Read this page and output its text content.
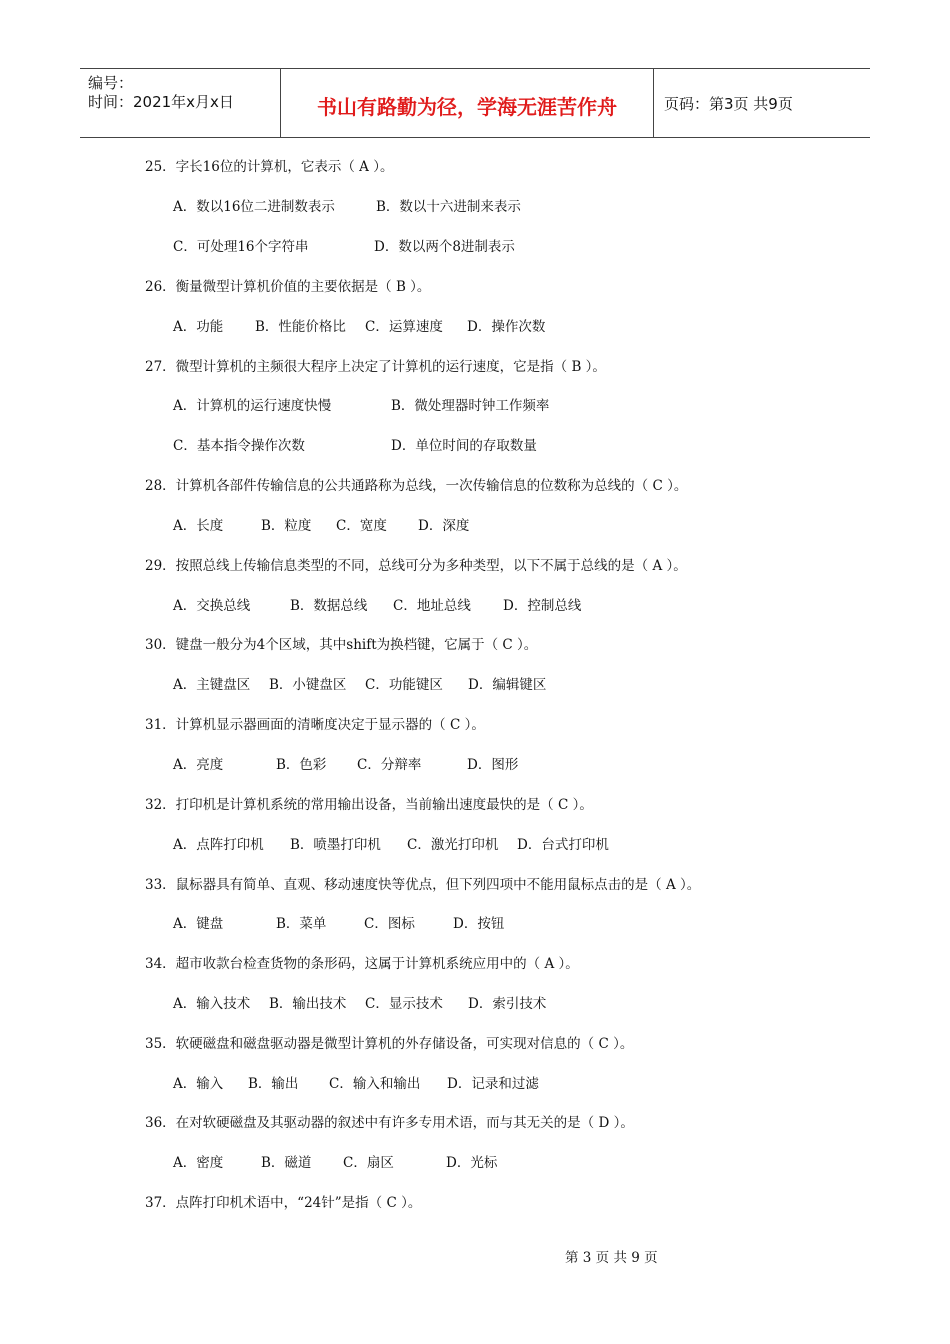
编号：
时间：2021年x月x日	书山有路勤为径，学海无涯苦作舟	页码：第3页 共9页
25．字长16位的计算机，它表示（ A ）。
A．数以16位二进制数表示	B．数以十六进制来表示
C．可处理16个字符串	D．数以两个8进制表示
26．衡量微型计算机价值的主要依据是（ B ）。
A．功能 B．性能价格比 C．运算速度 D．操作次数
27．微型计算机的主频很大程序上决定了计算机的运行速度，它是指（ B ）。
A．计算机的运行速度快慢	B．微处理器时钟工作频率
C．基本指令操作次数	D．单位时间的存取数量
28．计算机各部件传输信息的公共通路称为总线，一次传输信息的位数称为总线的（ C ）。
A．长度	B．粒度 C．宽度 D．深度
29．按照总线上传输信息类型的不同，总线可分为多种类型，以下不属于总线的是（ A ）。
A．交换总线	B．数据总线 C．地址总线 D．控制总线
30．键盘一般分为4个区域，其中shift为换档键，它属于（ C ）。
A．主键盘区 B．小键盘区 C．功能键区 D．编辑键区
31．计算机显示器画面的清晰度决定于显示器的（ C ）。
A．亮度	B．色彩 C．分辩率	D．图形
32．打印机是计算机系统的常用输出设备，当前输出速度最快的是（ C ）。
A．点阵打印机 B．喷墨打印机 C．激光打印机 D．台式打印机
33．鼠标器具有简单、直观、移动速度快等优点，但下列四项中不能用鼠标点击的是（ A ）。
A．键盘	B．菜单	C．图标	D．按钮
34．超市收款台检查货物的条形码，这属于计算机系统应用中的（ A ）。
A．输入技术 B．输出技术 C．显示技术 D．索引技术
35．软硬磁盘和磁盘驱动器是微型计算机的外存储设备，可实现对信息的（ C ）。
A．输入 B．输出 C．输入和输出 D．记录和过滤
36．在对软硬磁盘及其驱动器的叙述中有许多专用术语，而与其无关的是（ D ）。
A．密度	B．磁道 C．扇区	D．光标
37．点阵打印机术语中，“24针”是指（ C ）。
第 3 页 共 9 页
